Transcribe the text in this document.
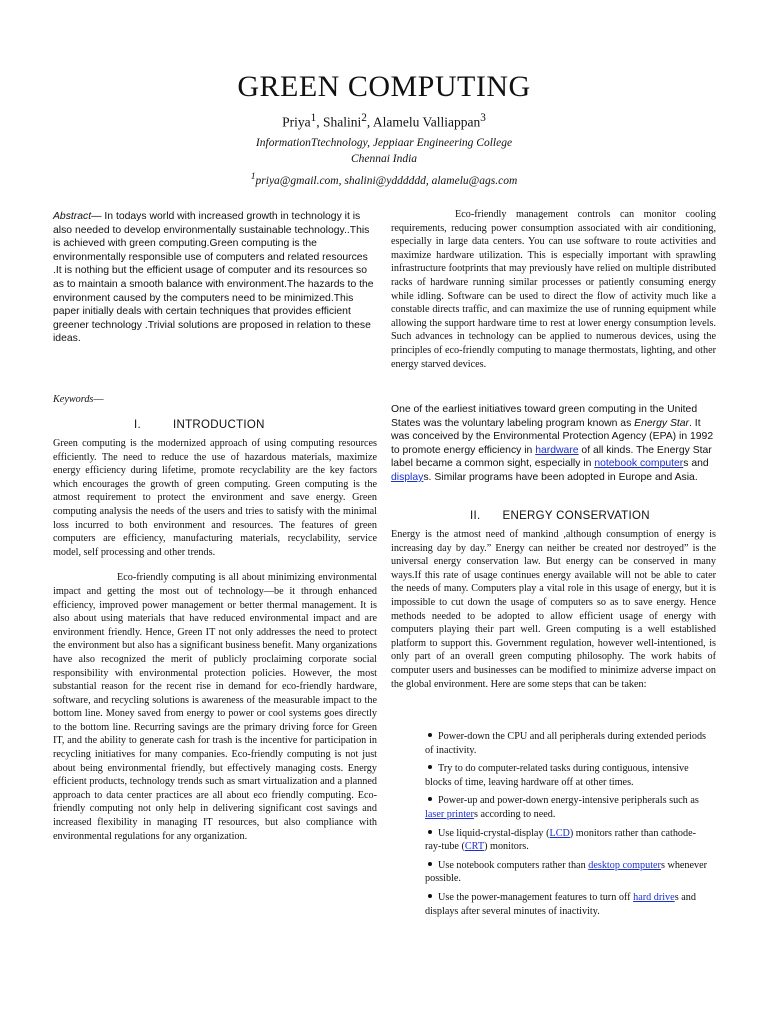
GREEN COMPUTING
Priya$^1$, Shalini$^2$, Alamelu Valliappan$^3$
InformationTtechnology, Jeppiaar Engineering College
Chennai India
$^1$priya@gmail.com, shalini@ydddddd, alamelu@ags.com

Abstract— In todays world with increased growth in technology it is also needed to develop environmentally sustainable technology..This is achieved with green computing.Green computing is the environmentally responsible use of computers and related resources .It is nothing but the efficient usage of computer and its resources so as to maintain a smooth balance with environment.The hazards to the environment caused by the computers need to be minimized.This paper initially deals with certain techniques that provides efficient greener technology .Trivial solutions are proposed in relation to these ideas.

Keywords—

I.	INTRODUCTION

Green computing is the modernized approach of using computing resources efficiently. The need to reduce the use of hazardous materials, maximize energy efficiency during lifetime, promote recyclability are the key factors which encourages the growth of green computing. Green computing is the atmost requirement to protect the environment and save energy. Green computing analysis the needs of the users and tries to satisfy with the minimal loss incurred to both environment and resources. The features of green computers are efficiency, manufacturing materials, recyclability, service model, self processing and other trends.

Eco-friendly computing is all about minimizing environmental impact and getting the most out of technology—be it through enhanced efficiency, improved power management or better thermal management. It is also about using materials that have reduced environmental impact and are environment friendly. Hence, Green IT not only addresses the need to protect the environment but also has a significant business benefit. Many organizations have also recognized the merit of publicly proclaiming corporate social responsibility with environmental protection policies. However, the most substantial reason for the recent rise in demand for eco-friendly hardware, software, and recycling solutions is awareness of the measurable impact to the bottom line. Money saved from energy to power or cool systems goes directly to the bottom line. Recurring savings are the primary driving force for Green IT, and the ability to generate cash for trash is the incentive for participation in recycling initiatives for many companies. Eco-friendly computing is not just about being environmental friendly, but effectively managing costs. Energy efficient products, technology trends such as smart virtualization and a planned approach to data center practices are all about eco friendly computing. Eco-friendly computing not only help in delivering significant cost savings and increased flexibility in managing IT resources, but also compliance with environmental regulations for any organization.

Eco-friendly management controls can monitor cooling requirements, reducing power consumption associated with air conditioning, especially in large data centers. You can use software to route activities and maximize hardware utilization. This is especially important with sprawling infrastructure footprints that may previously have relied on multiple distributed racks of hardware running similar processes or patiently consuming energy while idling. Software can be used to direct the flow of activity much like a constable directs traffic, and can maximize the use of running equipment while allowing the support hardware time to rest at lower energy consumption levels. Such advances in technology can be applied to numerous devices, using the principles of eco-friendly computing to manage thermostats, lighting, and other energy starved devices.

One of the earliest initiatives toward green computing in the United States was the voluntary labeling program known as Energy Star. It was conceived by the Environmental Protection Agency (EPA) in 1992 to promote energy efficiency in hardware of all kinds. The Energy Star label became a common sight, especially in notebook computers and displays. Similar programs have been adopted in Europe and Asia.

II. ENERGY CONSERVATION

Energy is the atmost need of mankind ,although consumption of energy is increasing day by day.” Energy can neither be created nor destroyed” is the universal energy conservation law. But energy can be conserved in many ways.If this rate of usage continues energy available will not be able to cater the needs of many. Computers play a vital role in this usage of energy, but it is impossible to cut down the usage of computers so as to save energy. Hence methods needed to be adopted to allow efficient usage of energy with computers playing their part well. Green computing is a well established platform to support this. Government regulation, however well-intentioned, is only part of an overall green computing philosophy. The work habits of computer users and businesses can be modified to minimize adverse impact on the global environment. Here are some steps that can be taken:

Power-down the CPU and all peripherals during extended periods of inactivity.
Try to do computer-related tasks during contiguous, intensive blocks of time, leaving hardware off at other times.
Power-up and power-down energy-intensive peripherals such as laser printers according to need.
Use liquid-crystal-display (LCD) monitors rather than cathode-ray-tube (CRT) monitors.
Use notebook computers rather than desktop computers whenever possible.
Use the power-management features to turn off hard drives and displays after several minutes of inactivity.
